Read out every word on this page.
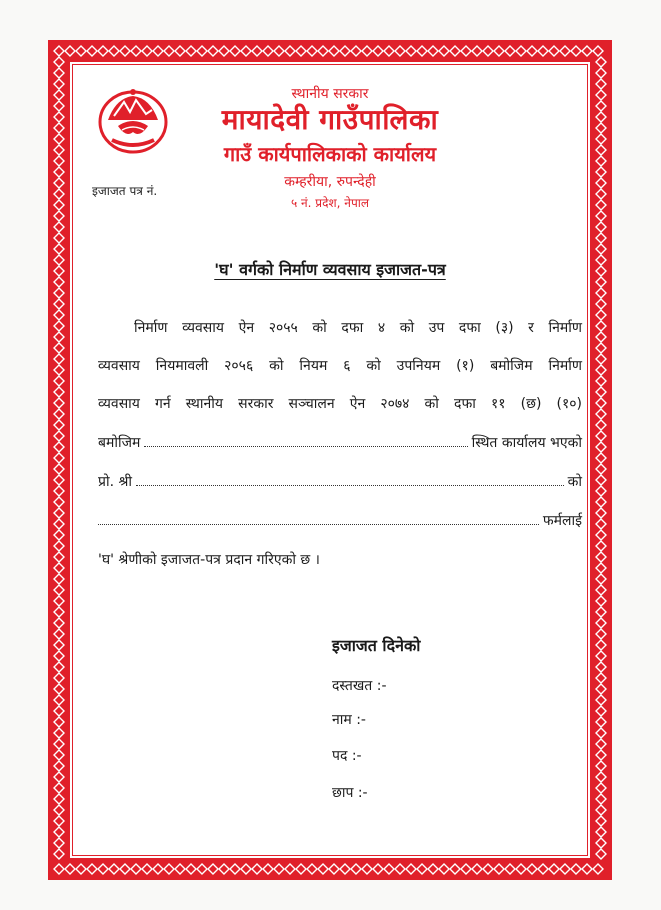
स्थानीय सरकार
मायादेवी गाउँपालिका
गाउँ कार्यपालिकाको कार्यालय
कम्हरीया, रुपन्देही
५ नं. प्रदेश, नेपाल
इजाजत पत्र नं.
'घ' वर्गको निर्माण व्यवसाय इजाजत-पत्र
निर्माण व्यवसाय ऐन २०५५ को दफा ४ को उप दफा (३) र निर्माण
व्यवसाय नियमावली २०५६ को नियम ६ को उपनियम (१) बमोजिम निर्माण
व्यवसाय गर्न स्थानीय सरकार सञ्चालन ऐन २०७४ को दफा ११ (छ) (१०)
बमोजिम	स्थित कार्यालय भएको
प्रो. श्री	को
फर्मलाई
'घ' श्रेणीको इजाजत-पत्र प्रदान गरिएको छ ।
इजाजत दिनेको
दस्तखत :-
नाम :-
पद :-
छाप :-
